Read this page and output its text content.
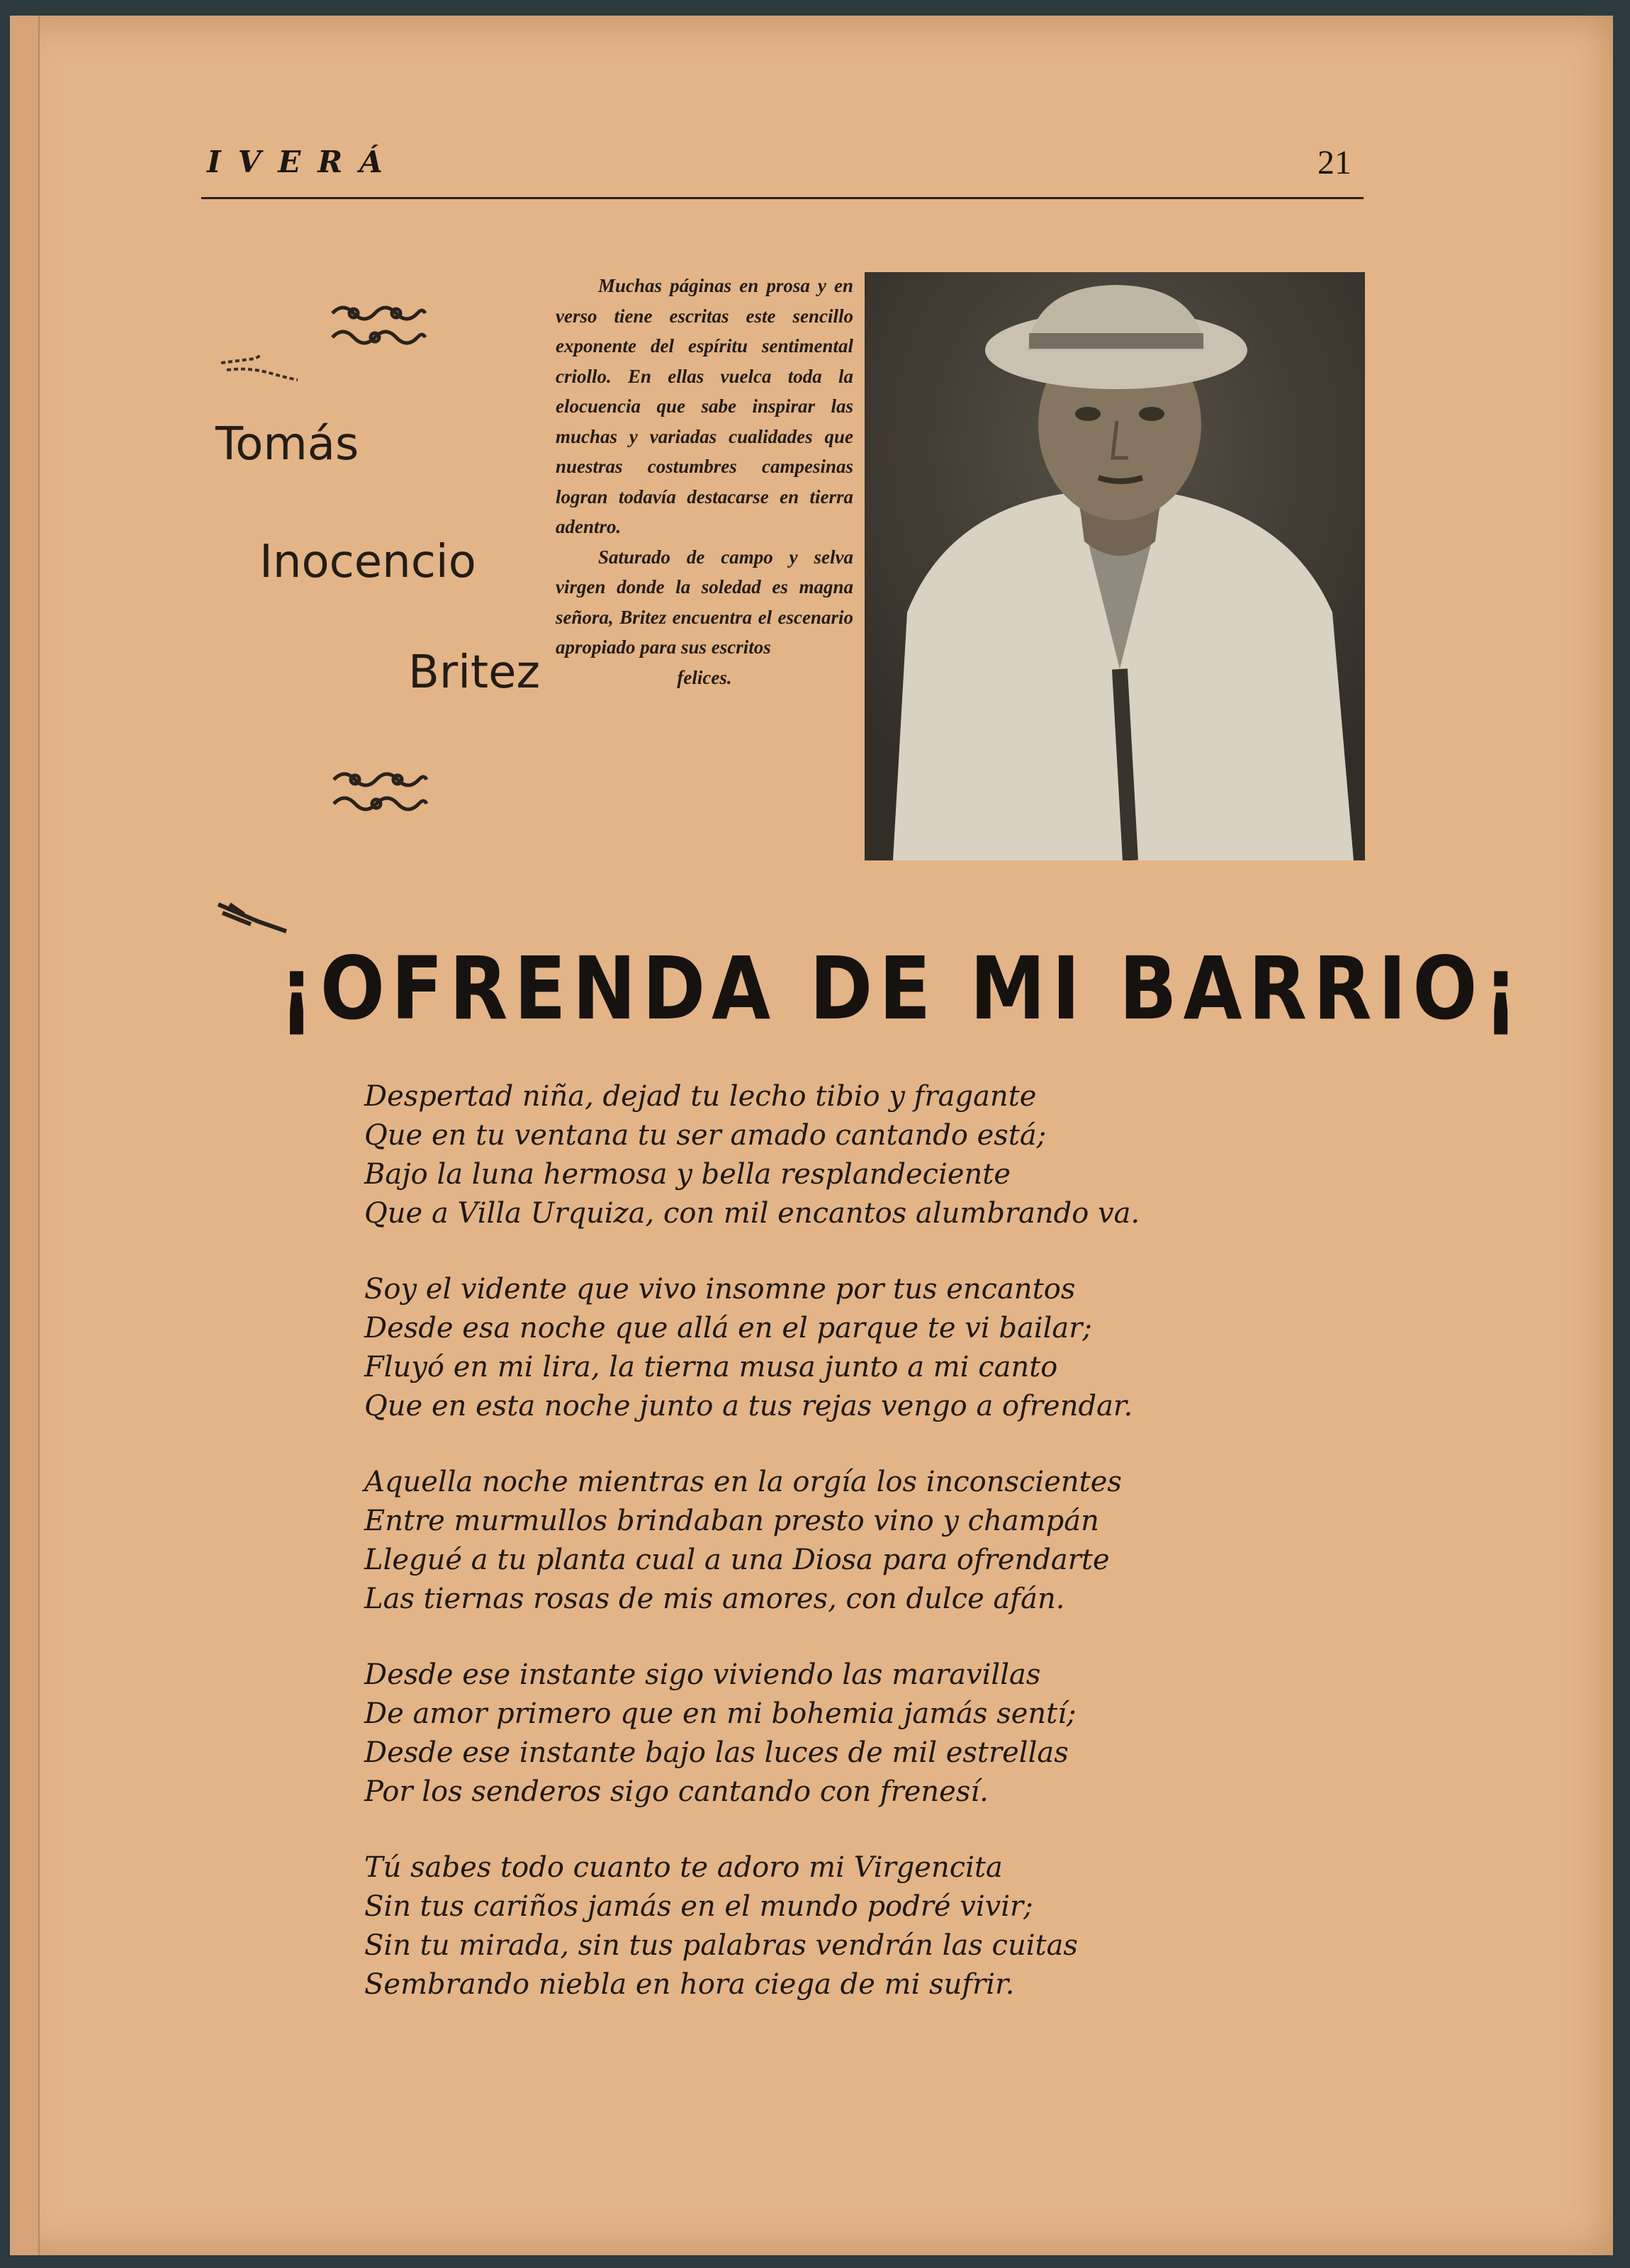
IVERÁ	21
Tomás
Inocencio
Britez

Muchas páginas en prosa y en verso tiene escritas este sencillo exponente del espíritu sentimental criollo. En ellas vuelca toda la elocuencia que sabe inspirar las muchas y variadas cualidades que nuestras costumbres campesinas logran todavía destacarse en tierra adentro.

Saturado de campo y selva virgen donde la soledad es magna señora, Britez encuentra el escenario apropiado para sus escritos

felices.

¡OFRENDA DE MI BARRIO¡
Despertad niña, dejad tu lecho tibio y fragante
Que en tu ventana tu ser amado cantando está;
Bajo la luna hermosa y bella resplandeciente
Que a Villa Urquiza, con mil encantos alumbrando va.
Soy el vidente que vivo insomne por tus encantos
Desde esa noche que allá en el parque te vi bailar;
Fluyó en mi lira, la tierna musa junto a mi canto
Que en esta noche junto a tus rejas vengo a ofrendar.
Aquella noche mientras en la orgía los inconscientes
Entre murmullos brindaban presto vino y champán
Llegué a tu planta cual a una Diosa para ofrendarte
Las tiernas rosas de mis amores, con dulce afán.
Desde ese instante sigo viviendo las maravillas
De amor primero que en mi bohemia jamás sentí;
Desde ese instante bajo las luces de mil estrellas
Por los senderos sigo cantando con frenesí.
Tú sabes todo cuanto te adoro mi Virgencita
Sin tus cariños jamás en el mundo podré vivir;
Sin tu mirada, sin tus palabras vendrán las cuitas
Sembrando niebla en hora ciega de mi sufrir.
